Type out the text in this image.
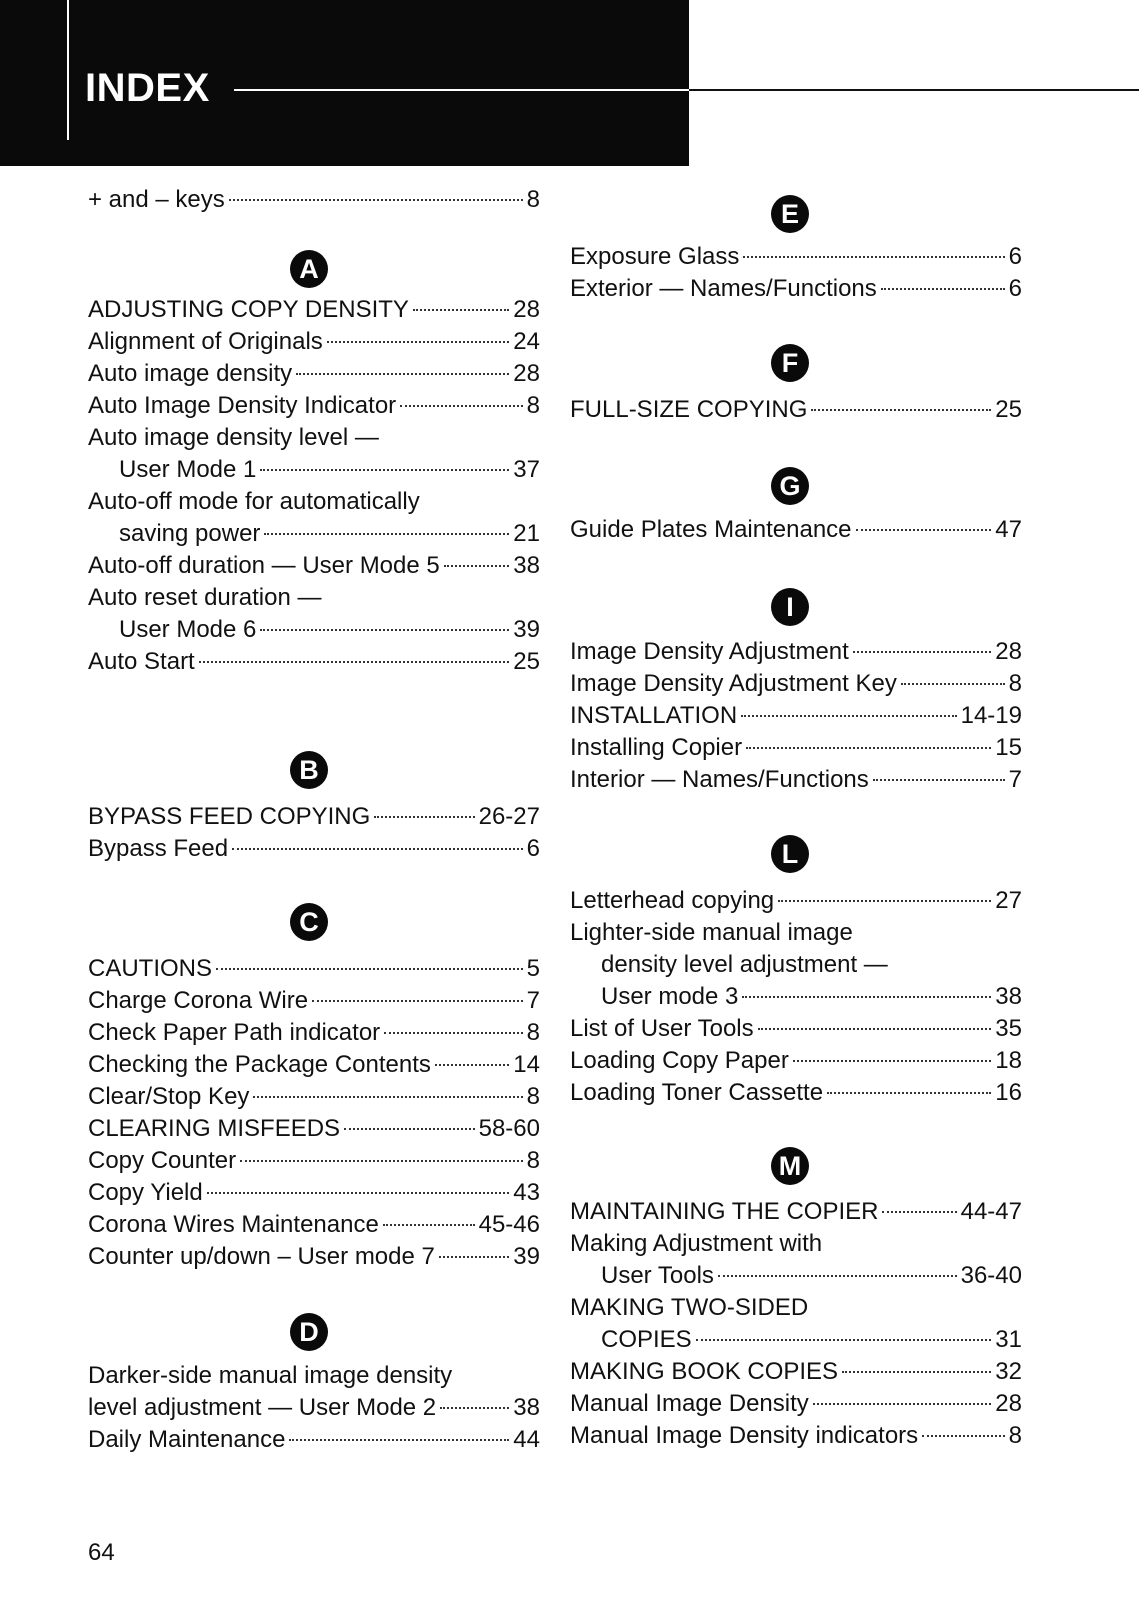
INDEX
+ and – keys	8
A
ADJUSTING COPY DENSITY	28
Alignment of Originals	24
Auto image density	28
Auto Image Density Indicator	8
Auto image density level —
User Mode 1	37
Auto-off mode for automatically
saving power	21
Auto-off duration — User Mode 5	38
Auto reset duration —
User Mode 6	39
Auto Start	25
B
BYPASS FEED COPYING	26-27
Bypass Feed	6
C
CAUTIONS	5
Charge Corona Wire	7
Check Paper Path indicator	8
Checking the Package Contents	14
Clear/Stop Key	8
CLEARING MISFEEDS	58-60
Copy Counter	8
Copy Yield	43
Corona Wires Maintenance	45-46
Counter up/down – User mode 7	39
D
Darker-side manual image density
level adjustment — User Mode 2	38
Daily Maintenance	44
E
Exposure Glass	6
Exterior — Names/Functions	6
F
FULL-SIZE COPYING	25
G
Guide Plates Maintenance	47
I
Image Density Adjustment	28
Image Density Adjustment Key	8
INSTALLATION	14-19
Installing Copier	15
Interior — Names/Functions	7
L
Letterhead copying	27
Lighter-side manual image
density level adjustment —
User mode 3	38
List of User Tools	35
Loading Copy Paper	18
Loading Toner Cassette	16
M
MAINTAINING THE COPIER	44-47
Making Adjustment with
User Tools	36-40
MAKING TWO-SIDED
COPIES	31
MAKING BOOK COPIES	32
Manual Image Density	28
Manual Image Density indicators	8
64
